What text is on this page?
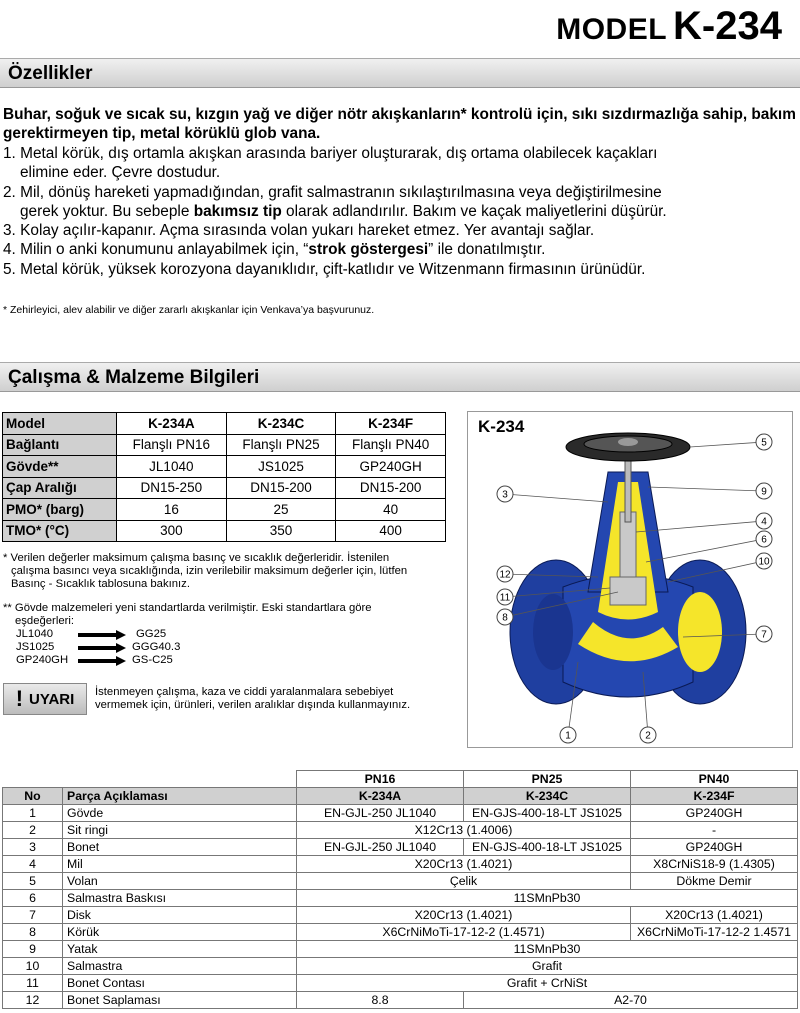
MODEL K-234
Özellikler
Buhar, soğuk ve sıcak su, kızgın yağ ve diğer nötr akışkanların* kontrolü için, sıkı sızdırmazlığa sahip, bakım gerektirmeyen tip, metal körüklü glob vana.
1. Metal körük, dış ortamla akışkan arasında bariyer oluşturarak, dış ortama olabilecek kaçakları
elimine eder. Çevre dostudur.
2. Mil, dönüş hareketi yapmadığından, grafit salmastranın sıkılaştırılmasına veya değiştirilmesine
gerek yoktur. Bu sebeple bakımsız tip olarak adlandırılır. Bakım ve kaçak maliyetlerini düşürür.
3. Kolay açılır-kapanır. Açma sırasında volan yukarı hareket etmez. Yer avantajı sağlar.
4. Milin o anki konumunu anlayabilmek için, “strok göstergesi” ile donatılmıştır.
5. Metal körük, yüksek korozyona dayanıklıdır, çift-katlıdır ve Witzenmann firmasının ürünüdür.
* Zehirleyici, alev alabilir ve diğer zararlı akışkanlar için Venkava’ya başvurunuz.
Çalışma & Malzeme Bilgileri
Model	K-234A	K-234C	K-234F
Bağlantı	Flanşlı PN16	Flanşlı PN25	Flanşlı PN40
Gövde**	JL1040	JS1025	GP240GH
Çap Aralığı	DN15-250	DN15-200	DN15-200
PMO* (barg)	16	25	40
TMO* (°C)	300	350	400
* Verilen değerler maksimum çalışma basınç ve sıcaklık değerleridir. İstenilen
çalışma basıncı veya sıcaklığında, izin verilebilir maksimum değerler için, lütfen
Basınç - Sıcaklık tablosuna bakınız.
** Gövde malzemeleri yeni standartlarda verilmiştir. Eski standartlara göre
eşdeğerleri:
JL1040	GG25
JS1025	GGG40.3
GP240GH	GS-C25
! UYARI İstenmeyen çalışma, kaza ve ciddi yaralanmalara sebebiyet
vermemek için, ürünleri, verilen aralıklar dışında kullanmayınız.
K-234
1	2
3
4
5
6
7
8
9
10
11
12
		PN16	PN25	PN40
No	Parça Açıklaması	K-234A	K-234C	K-234F
1	Gövde	EN-GJL-250 JL1040	EN-GJS-400-18-LT JS1025	GP240GH
2	Sit ringi	X12Cr13 (1.4006)		-
3	Bonet	EN-GJL-250 JL1040	EN-GJS-400-18-LT JS1025	GP240GH
4	Mil	X20Cr13 (1.4021)		X8CrNiS18-9 (1.4305)
5	Volan	Çelik		Dökme Demir
6	Salmastra Baskısı	11SMnPb30		
7	Disk	X20Cr13 (1.4021)		X20Cr13 (1.4021)
8	Körük	X6CrNiMoTi-17-12-2 (1.4571)		X6CrNiMoTi-17-12-2 1.4571
9	Yatak	11SMnPb30		
10	Salmastra	Grafit		
11	Bonet Contası	Grafit + CrNiSt		
12	Bonet Saplaması	8.8	A2-70	
